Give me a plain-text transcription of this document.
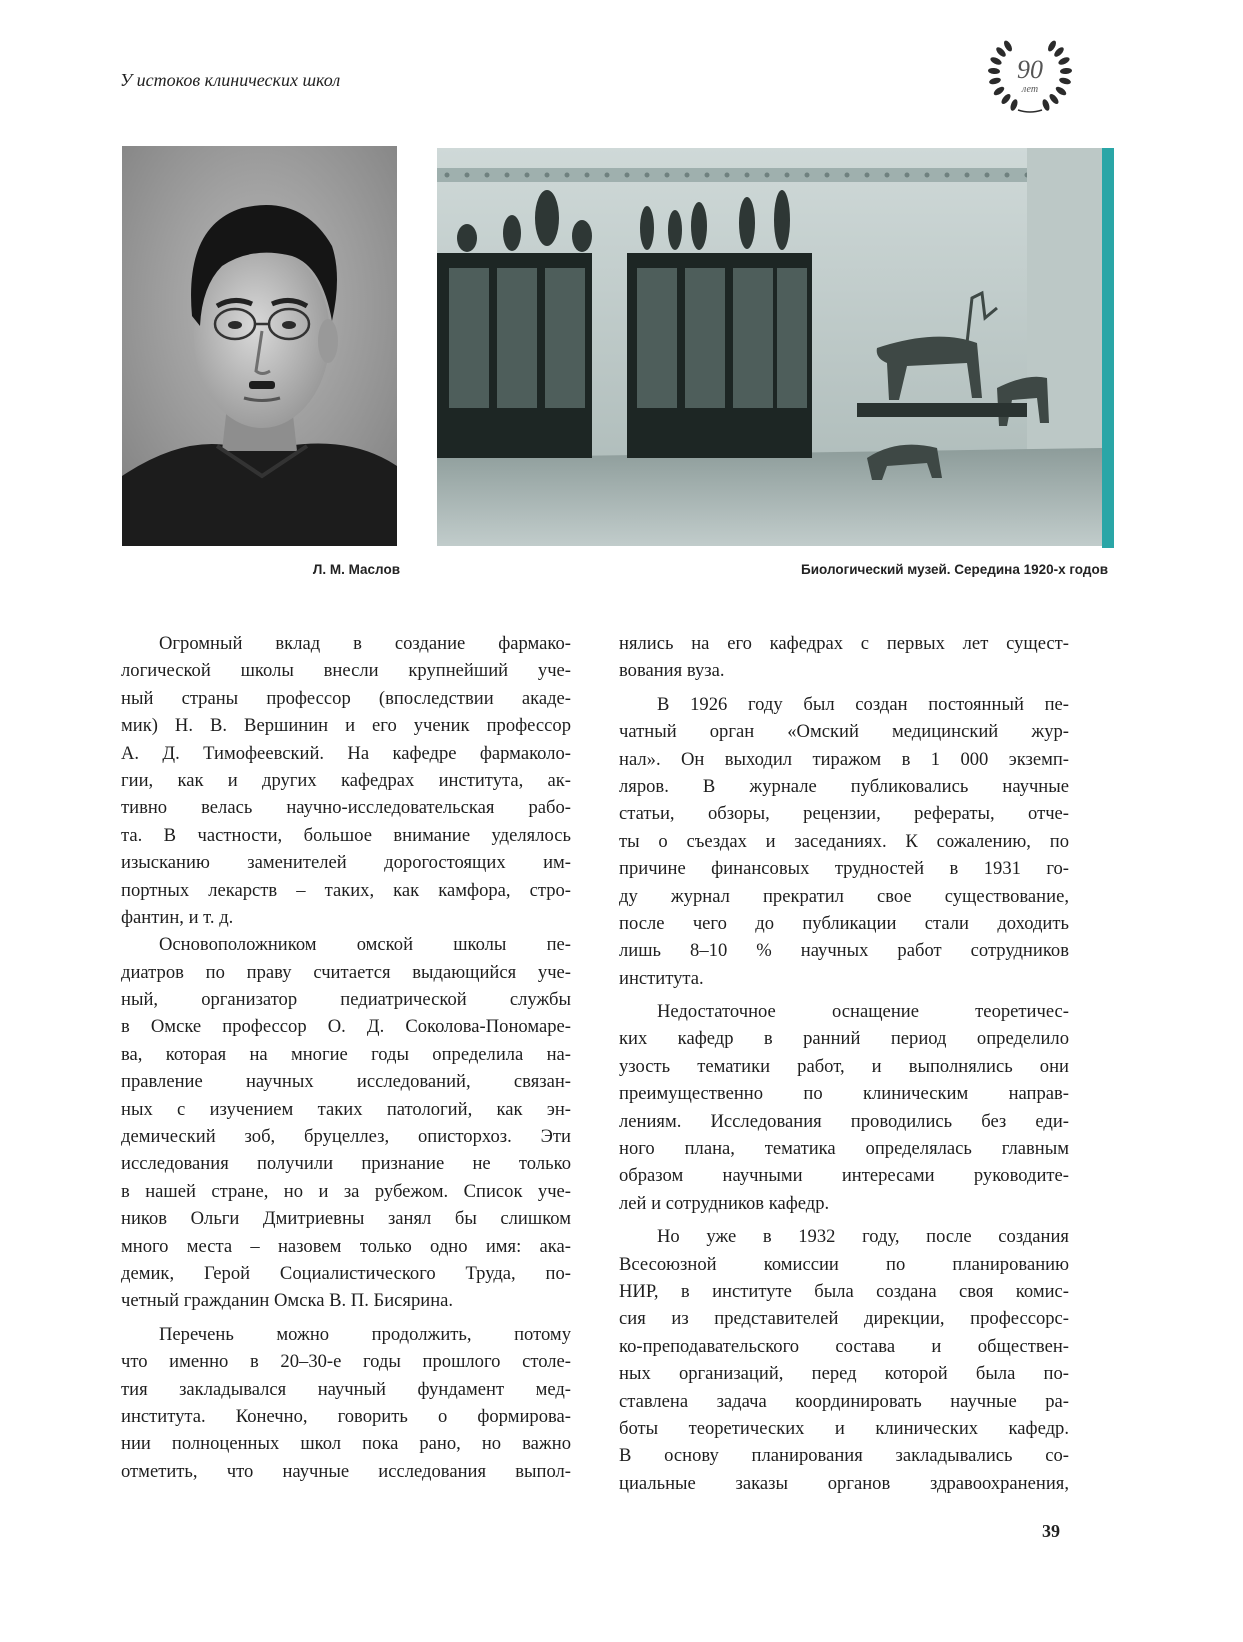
У истоков клинических школ	90
лет
Л. М. Маслов	Биологический музей. Середина 1920-х годов
Огромный вклад в создание фармако-
логической школы внесли крупнейший уче-
ный страны профессор (впоследствии акаде-
мик) Н. В. Вершинин и его ученик профессор
А. Д. Тимофеевский. На кафедре фармаколо-
гии, как и других кафедрах института, ак-
тивно велась научно-исследовательская рабо-
та. В частности, большое внимание уделялось
изысканию заменителей дорогостоящих им-
портных лекарств – таких, как камфора, стро-
фантин, и т. д.
Основоположником омской школы пе-
диатров по праву считается выдающийся уче-
ный, организатор педиатрической службы
в Омске профессор О. Д. Соколова-Пономаре-
ва, которая на многие годы определила на-
правление научных исследований, связан-
ных с изучением таких патологий, как эн-
демический зоб, бруцеллез, описторхоз. Эти
исследования получили признание не только
в нашей стране, но и за рубежом. Список уче-
ников Ольги Дмитриевны занял бы слишком
много места – назовем только одно имя: ака-
демик, Герой Социалистического Труда, по-
четный гражданин Омска В. П. Бисярина.
Перечень можно продолжить, потому
что именно в 20–30-е годы прошлого столе-
тия закладывался научный фундамент мед-
института. Конечно, говорить о формирова-
нии полноценных школ пока рано, но важно
отметить, что научные исследования выпол-
нялись на его кафедрах с первых лет сущест-
вования вуза.
В 1926 году был создан постоянный пе-
чатный орган «Омский медицинский жур-
нал». Он выходил тиражом в 1 000 экземп-
ляров. В журнале публиковались научные
статьи, обзоры, рецензии, рефераты, отче-
ты о съездах и заседаниях. К сожалению, по
причине финансовых трудностей в 1931 го-
ду журнал прекратил свое существование,
после чего до публикации стали доходить
лишь 8–10 % научных работ сотрудников
института.
Недостаточное оснащение теоретичес-
ких кафедр в ранний период определило
узость тематики работ, и выполнялись они
преимущественно по клиническим направ-
лениям. Исследования проводились без еди-
ного плана, тематика определялась главным
образом научными интересами руководите-
лей и сотрудников кафедр.
Но уже в 1932 году, после создания
Всесоюзной комиссии по планированию
НИР, в институте была создана своя комис-
сия из представителей дирекции, профессорс-
ко-преподавательского состава и обществен-
ных организаций, перед которой была по-
ставлена задача координировать научные ра-
боты теоретических и клинических кафедр.
В основу планирования закладывались со-
циальные заказы органов здравоохранения,
39
